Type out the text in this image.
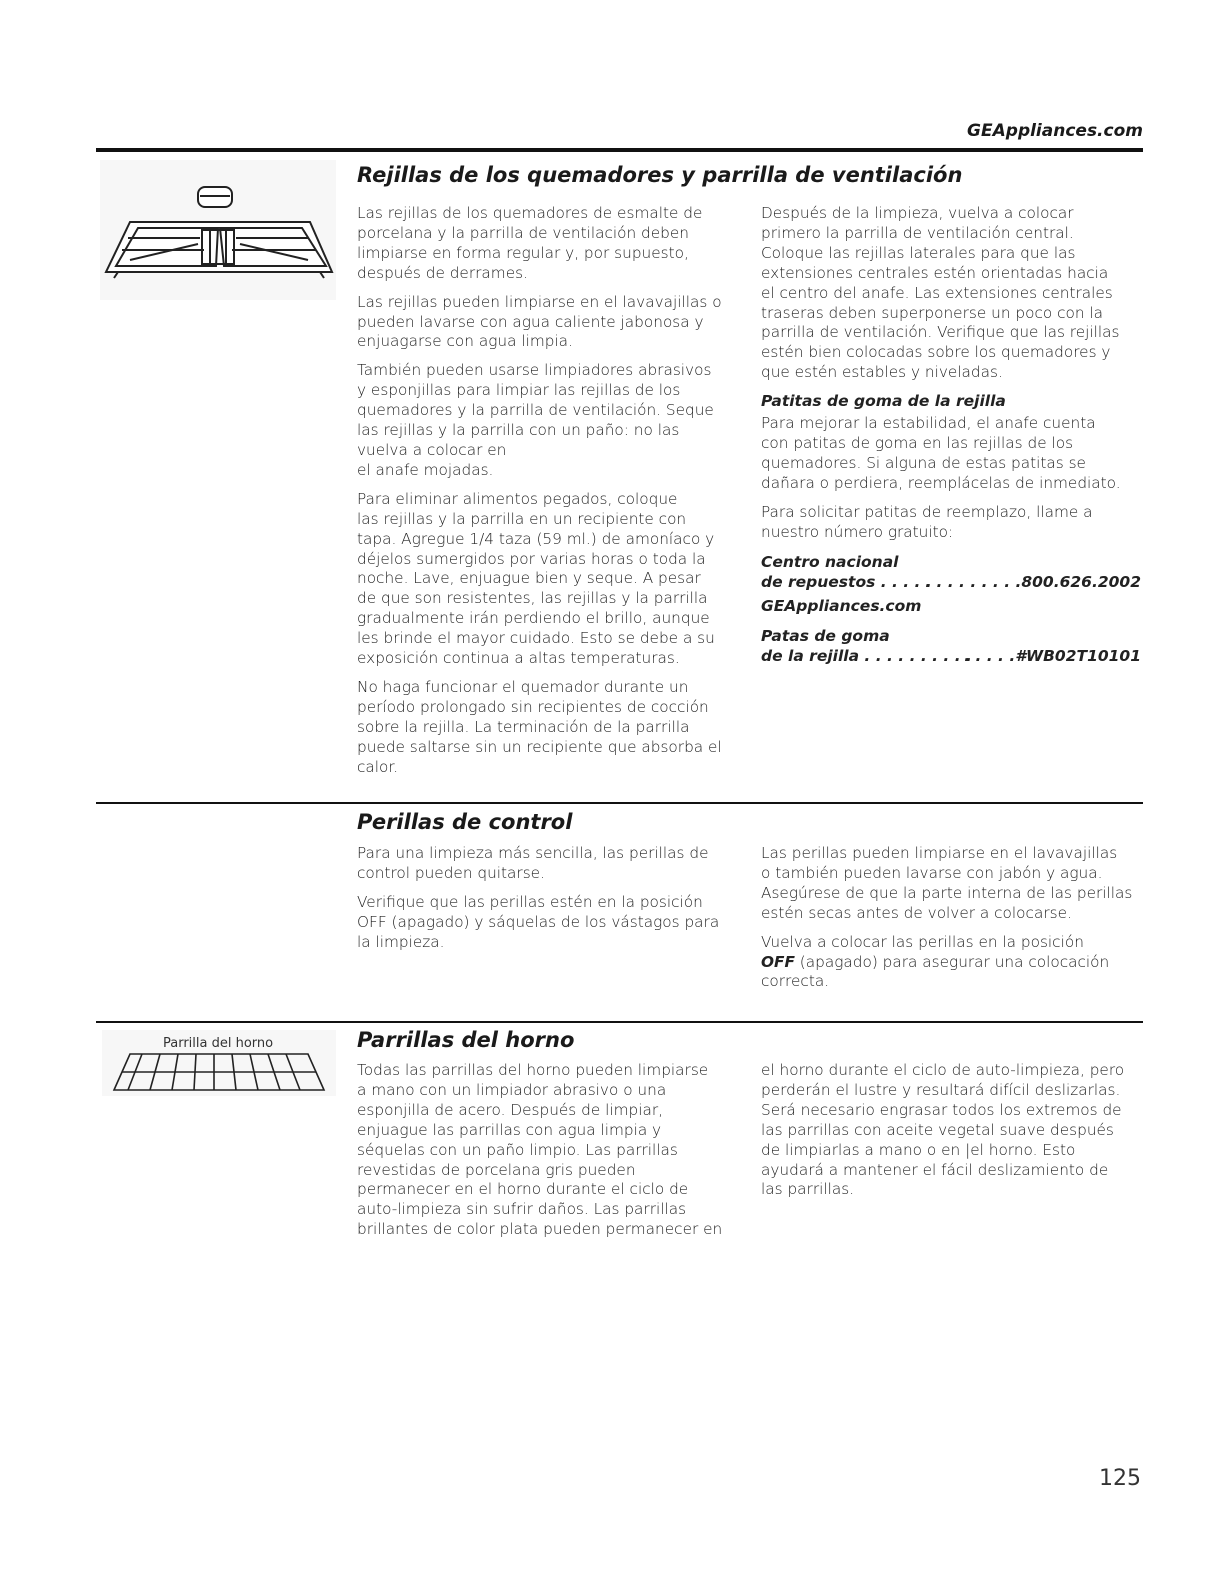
GEAppliances.com
Rejillas de los quemadores y parrilla de ventilación

Las rejillas de los quemadores de esmalte de
porcelana y la parrilla de ventilación deben
limpiarse en forma regular y, por supuesto,
después de derrames.

Las rejillas pueden limpiarse en el lavavajillas o
pueden lavarse con agua caliente jabonosa y
enjuagarse con agua limpia.

También pueden usarse limpiadores abrasivos
y esponjillas para limpiar las rejillas de los
quemadores y la parrilla de ventilación. Seque
las rejillas y la parrilla con un paño: no las
vuelva a colocar en
el anafe mojadas.

Para eliminar alimentos pegados, coloque
las rejillas y la parrilla en un recipiente con
tapa. Agregue 1/4 taza (59 ml.) de amoníaco y
déjelos sumergidos por varias horas o toda la
noche. Lave, enjuague bien y seque. A pesar
de que son resistentes, las rejillas y la parrilla
gradualmente irán perdiendo el brillo, aunque
les brinde el mayor cuidado. Esto se debe a su
exposición continua a altas temperaturas.

No haga funcionar el quemador durante un
período prolongado sin recipientes de cocción
sobre la rejilla. La terminación de la parrilla
puede saltarse sin un recipiente que absorba el
calor.

Después de la limpieza, vuelva a colocar
primero la parrilla de ventilación central.
Coloque las rejillas laterales para que las
extensiones centrales estén orientadas hacia
el centro del anafe. Las extensiones centrales
traseras deben superponerse un poco con la
parrilla de ventilación. Verifique que las rejillas
estén bien colocadas sobre los quemadores y
que estén estables y niveladas.

Patitas de goma de la rejilla

Para mejorar la estabilidad, el anafe cuenta
con patitas de goma en las rejillas de los
quemadores. Si alguna de estas patitas se
dañara o perdiera, reemplácelas de inmediato.

Para solicitar patitas de reemplazo, llame a
nuestro número gratuito:

Centro nacional
de repuestos . . . . .
. . . . . . . . .800.626.2002
GEAppliances.com
Patas de goma
de la rejilla . . . . . . . . . .
. . . . .#WB02T10101
Perillas de control

Para una limpieza más sencilla, las perillas de
control pueden quitarse.

Verifique que las perillas estén en la posición
OFF (apagado) y sáquelas de los vástagos para
la limpieza.

Las perillas pueden limpiarse en el lavavajillas
o también pueden lavarse con jabón y agua.
Asegúrese de que la parte interna de las perillas
estén secas antes de volver a colocarse.

Vuelva a colocar las perillas en la posición
OFF (apagado) para asegurar una colocación
correcta.

Parrilla del horno	Parrillas del horno

Todas las parrillas del horno pueden limpiarse
a mano con un limpiador abrasivo o una
esponjilla de acero. Después de limpiar,
enjuague las parrillas con agua limpia y
séquelas con un paño limpio. Las parrillas
revestidas de porcelana gris pueden
permanecer en el horno durante el ciclo de
auto-limpieza sin sufrir daños. Las parrillas
brillantes de color plata pueden permanecer en

el horno durante el ciclo de auto-limpieza, pero
perderán el lustre y resultará difícil deslizarlas.
Será necesario engrasar todos los extremos de
las parrillas con aceite vegetal suave después
de limpiarlas a mano o en |el horno. Esto
ayudará a mantener el fácil deslizamiento de
las parrillas.

125
